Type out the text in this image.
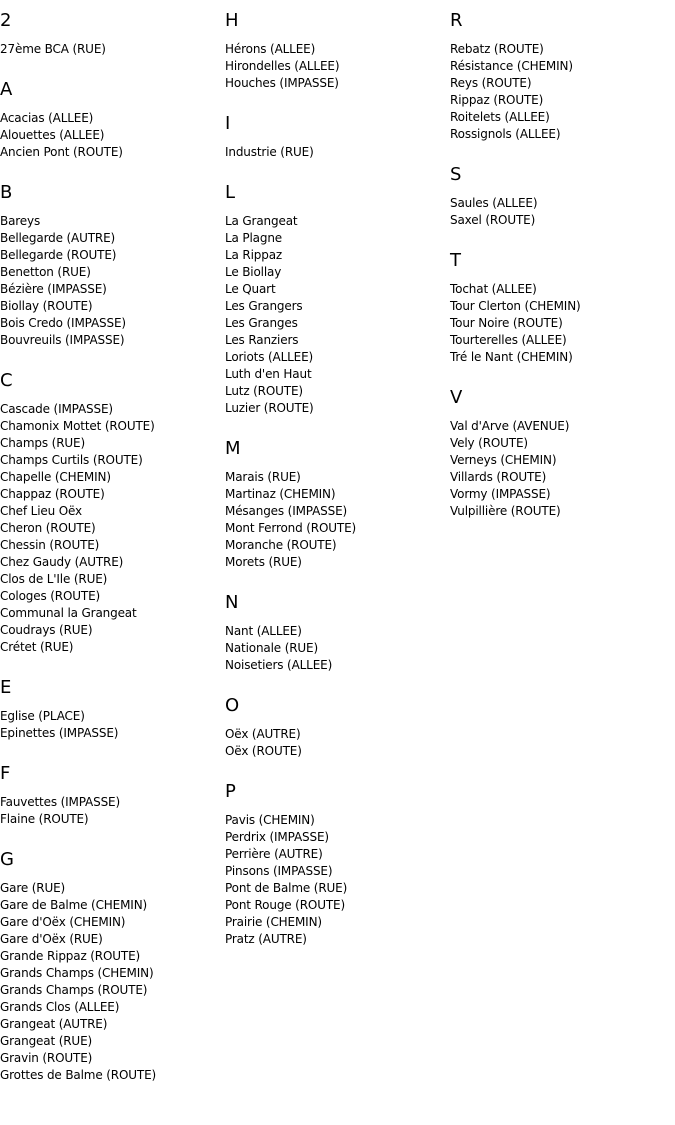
2
27ème BCA (RUE)
A
Acacias (ALLEE)
Alouettes (ALLEE)
Ancien Pont (ROUTE)
B
Bareys
Bellegarde (AUTRE)
Bellegarde (ROUTE)
Benetton (RUE)
Bézière (IMPASSE)
Biollay (ROUTE)
Bois Credo (IMPASSE)
Bouvreuils (IMPASSE)
C
Cascade (IMPASSE)
Chamonix Mottet (ROUTE)
Champs (RUE)
Champs Curtils (ROUTE)
Chapelle (CHEMIN)
Chappaz (ROUTE)
Chef Lieu Oëx
Cheron (ROUTE)
Chessin (ROUTE)
Chez Gaudy (AUTRE)
Clos de L'Ile (RUE)
Cologes (ROUTE)
Communal la Grangeat
Coudrays (RUE)
Crétet (RUE)
E
Eglise (PLACE)
Epinettes (IMPASSE)
F
Fauvettes (IMPASSE)
Flaine (ROUTE)
G
Gare (RUE)
Gare de Balme (CHEMIN)
Gare d'Oëx (CHEMIN)
Gare d'Oëx (RUE)
Grande Rippaz (ROUTE)
Grands Champs (CHEMIN)
Grands Champs (ROUTE)
Grands Clos (ALLEE)
Grangeat (AUTRE)
Grangeat (RUE)
Gravin (ROUTE)
Grottes de Balme (ROUTE)
H
Hérons (ALLEE)
Hirondelles (ALLEE)
Houches (IMPASSE)
I
Industrie (RUE)
L
La Grangeat
La Plagne
La Rippaz
Le Biollay
Le Quart
Les Grangers
Les Granges
Les Ranziers
Loriots (ALLEE)
Luth d'en Haut
Lutz (ROUTE)
Luzier (ROUTE)
M
Marais (RUE)
Martinaz (CHEMIN)
Mésanges (IMPASSE)
Mont Ferrond (ROUTE)
Moranche (ROUTE)
Morets (RUE)
N
Nant (ALLEE)
Nationale (RUE)
Noisetiers (ALLEE)
O
Oëx (AUTRE)
Oëx (ROUTE)
P
Pavis (CHEMIN)
Perdrix (IMPASSE)
Perrière (AUTRE)
Pinsons (IMPASSE)
Pont de Balme (RUE)
Pont Rouge (ROUTE)
Prairie (CHEMIN)
Pratz (AUTRE)
R
Rebatz (ROUTE)
Résistance (CHEMIN)
Reys (ROUTE)
Rippaz (ROUTE)
Roitelets (ALLEE)
Rossignols (ALLEE)
S
Saules (ALLEE)
Saxel (ROUTE)
T
Tochat (ALLEE)
Tour Clerton (CHEMIN)
Tour Noire (ROUTE)
Tourterelles (ALLEE)
Tré le Nant (CHEMIN)
V
Val d'Arve (AVENUE)
Vely (ROUTE)
Verneys (CHEMIN)
Villards (ROUTE)
Vormy (IMPASSE)
Vulpillière (ROUTE)
